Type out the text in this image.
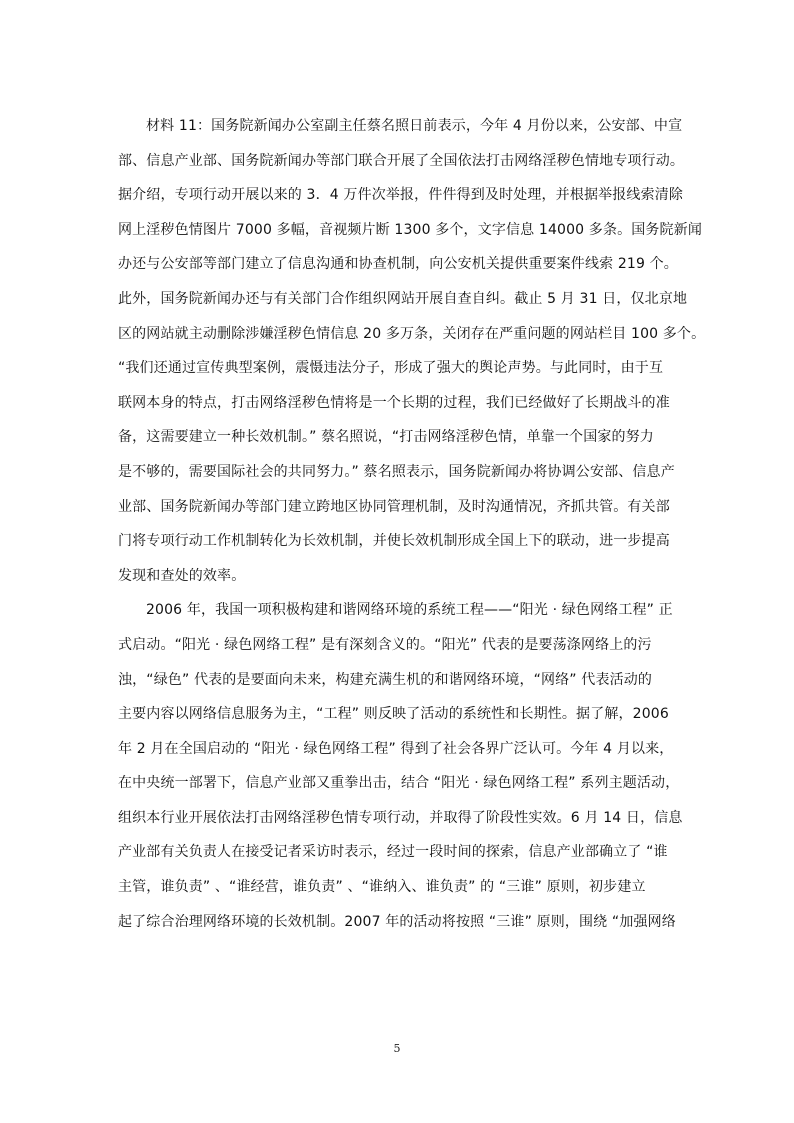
材料 11：国务院新闻办公室副主任蔡名照日前表示，今年 4 月份以来，公安部、中宣
部、信息产业部、国务院新闻办等部门联合开展了全国依法打击网络淫秽色情地专项行动。
据介绍，专项行动开展以来的 3．4 万件次举报，件件得到及时处理，并根据举报线索清除
网上淫秽色情图片 7000 多幅，音视频片断 1300 多个，文字信息 14000 多条。国务院新闻
办还与公安部等部门建立了信息沟通和协查机制，向公安机关提供重要案件线索 219 个。
此外，国务院新闻办还与有关部门合作组织网站开展自查自纠。截止 5 月 31 日，仅北京地
区的网站就主动删除涉嫌淫秽色情信息 20 多万条，关闭存在严重问题的网站栏目 100 多个。
“我们还通过宣传典型案例，震慑违法分子，形成了强大的舆论声势。与此同时，由于互
联网本身的特点，打击网络淫秽色情将是一个长期的过程，我们已经做好了长期战斗的准
备，这需要建立一种长效机制。” 蔡名照说，“打击网络淫秽色情，单靠一个国家的努力
是不够的，需要国际社会的共同努力。” 蔡名照表示，国务院新闻办将协调公安部、信息产
业部、国务院新闻办等部门建立跨地区协同管理机制，及时沟通情况，齐抓共管。有关部
门将专项行动工作机制转化为长效机制，并使长效机制形成全国上下的联动，进一步提高
发现和查处的效率。
2006 年，我国一项积极构建和谐网络环境的系统工程——“阳光 · 绿色网络工程” 正
式启动。“阳光 · 绿色网络工程” 是有深刻含义的。“阳光” 代表的是要荡涤网络上的污
浊，“绿色” 代表的是要面向未来，构建充满生机的和谐网络环境，“网络” 代表活动的
主要内容以网络信息服务为主，“工程” 则反映了活动的系统性和长期性。据了解，2006
年 2 月在全国启动的 “阳光 · 绿色网络工程” 得到了社会各界广泛认可。今年 4 月以来，
在中央统一部署下，信息产业部又重拳出击，结合 “阳光 · 绿色网络工程” 系列主题活动，
组织本行业开展依法打击网络淫秽色情专项行动，并取得了阶段性实效。6 月 14 日，信息
产业部有关负责人在接受记者采访时表示，经过一段时间的探索，信息产业部确立了 “谁
主管，谁负责” 、“谁经营，谁负责” 、“谁纳入、谁负责” 的 “三谁” 原则，初步建立
起了综合治理网络环境的长效机制。2007 年的活动将按照 “三谁” 原则，围绕 “加强网络
5
